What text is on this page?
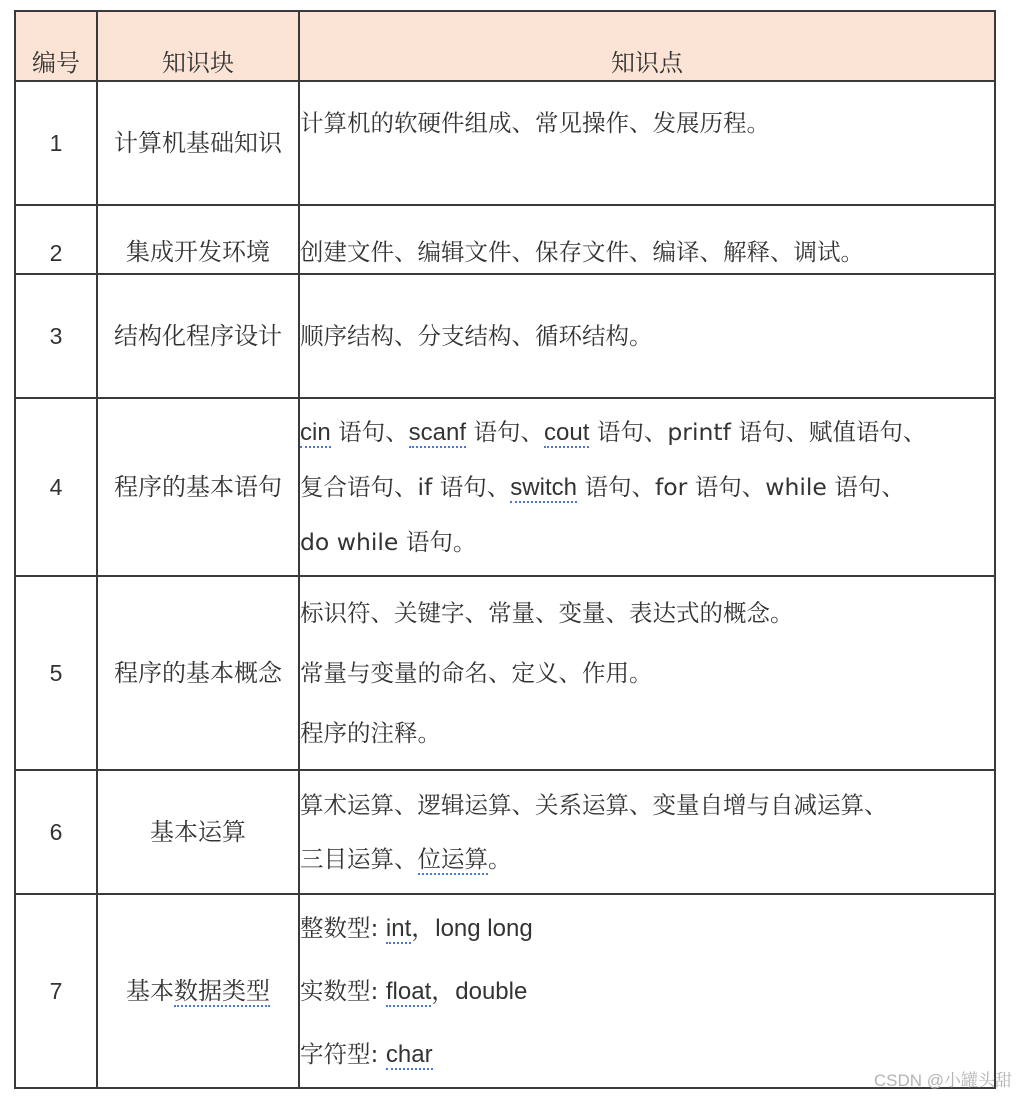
编号	知识块	知识点
1	计算机基础知识	计算机的软硬件组成、常见操作、发展历程。

2	集成开发环境	创建文件、编辑文件、保存文件、编译、解释、调试。

3	结构化程序设计	顺序结构、分支结构、循环结构。

4	程序的基本语句	cin 语句、scanf 语句、cout 语句、printf 语句、赋值语句、
复合语句、if 语句、switch 语句、for 语句、while 语句、
do while 语句。

5	程序的基本概念	标识符、关键字、常量、变量、表达式的概念。
常量与变量的命名、定义、作用。
程序的注释。

6	基本运算	算术运算、逻辑运算、关系运算、变量自增与自减运算、
三目运算、位运算。

7	基本数据类型	整数型: int，long long
实数型: float，double
字符型: char
CSDN @小罐头甜
